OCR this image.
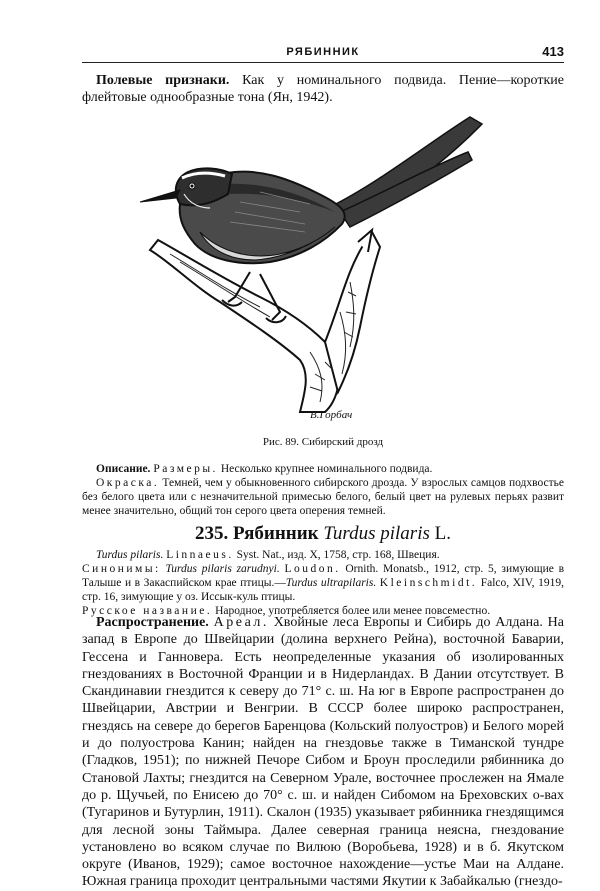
РЯБИННИК	413

Полевые признаки. Как у номинального подвида. Пение—короткие флейтовые однообразные тона (Ян, 1942).

В.Горбач
Рис. 89. Сибирский дрозд

Описание. Размеры. Несколько крупнее номинального подвида.

Окраска. Темней, чем у обыкновенного сибирского дрозда. У взрослых самцов подхвостье без белого цвета или с незначительной примесью белого, белый цвет на рулевых перьях развит менее значительно, общий тон серого цвета оперения темней.

235. Рябинник Turdus pilaris L.

Turdus pilaris. Linnaeus. Syst. Nat., изд. X, 1758, стр. 168, Швеция.

Синонимы: Turdus pilaris zarudnyi. Loudon. Ornith. Monatsb., 1912, стр. 5, зимующие в Талыше и в Закаспийском крае птицы.—Turdus ultrapilaris. Kleinschmidt. Falco, XIV, 1919, стр. 16, зимующие у оз. Иссык-куль птицы.

Русское название. Народное, употребляется более или менее повсеместно.

Распространение. Ареал. Хвойные леса Европы и Сибирь до Алдана. На запад в Европе до Швейцарии (долина верхнего Рейна), восточной Баварии, Гессена и Ганновера. Есть неопределенные указания об изолированных гнездованиях в Восточной Франции и в Нидерландах. В Дании отсутствует. В Скандинавии гнездится к северу до 71° с. ш. На юг в Европе распространен до Швейцарии, Австрии и Венгрии. В СССР более широко распространен, гнездясь на севере до берегов Баренцова (Кольский полуостров) и Белого морей и до полуострова Канин; найден на гнездовье также в Тиманской тундре (Гладков, 1951); по нижней Печоре Сибом и Броун проследили рябинника до Становой Лахты; гнездится на Северном Урале, восточнее прослежен на Ямале до р. Щучьей, по Енисею до 70° с. ш. и найден Сибомом на Бреховских о-вах (Тугаринов и Бутурлин, 1911). Скалон (1935) указывает рябинника гнездящимся для лесной зоны Таймыра. Далее северная граница неясна, гнездование установлено во всяком случае по Вилюю (Воробьева, 1928) и в б. Якутском округе (Иванов, 1929); самое восточное нахождение—устье Маи на Алдане. Южная граница проходит центральными частями Якутии к Забайкалью (гнездо-
